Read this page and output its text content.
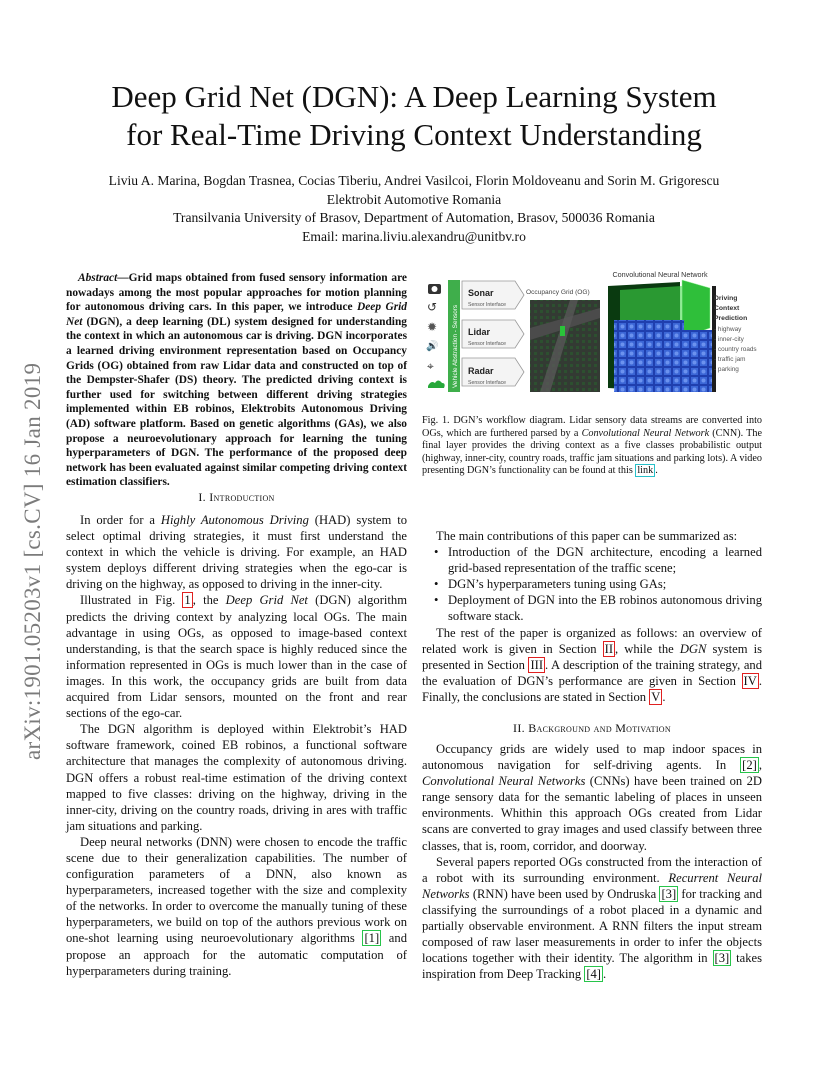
Deep Grid Net (DGN): A Deep Learning System
for Real-Time Driving Context Understanding
Liviu A. Marina, Bogdan Trasnea, Cocias Tiberiu, Andrei Vasilcoi, Florin Moldoveanu and Sorin M. Grigorescu
Elektrobit Automotive Romania
Transilvania University of Brasov, Department of Automation, Brasov, 500036 Romania
Email: marina.liviu.alexandru@unitbv.ro
arXiv:1901.05203v1 [cs.CV] 16 Jan 2019
Abstract—Grid maps obtained from fused sensory information are nowadays among the most popular approaches for motion planning for autonomous driving cars. In this paper, we introduce Deep Grid Net (DGN), a deep learning (DL) system designed for understanding the context in which an autonomous car is driving. DGN incorporates a learned driving environment representation based on Occupancy Grids (OG) obtained from raw Lidar data and constructed on top of the Dempster-Shafer (DS) theory. The predicted driving context is further used for switching between different driving strategies implemented within EB robinos, Elektrobits Autonomous Driving (AD) software platform. Based on genetic algorithms (GAs), we also propose a neuroevolutionary approach for learning the tuning hyperparameters of DGN. The performance of the proposed deep network has been evaluated against similar competing driving context estimation classifiers.
I. Introduction

In order for a Highly Autonomous Driving (HAD) system to select optimal driving strategies, it must first understand the context in which the vehicle is driving. For example, an HAD system deploys different driving strategies when the ego-car is driving on the highway, as opposed to driving in the inner-city.

Illustrated in Fig. 1 , the Deep Grid Net (DGN) algorithm predicts the driving context by analyzing local OGs. The main advantage in using OGs, as opposed to image-based context understanding, is that the search space is highly reduced since the information represented in OGs is much lower than in the case of images. In this work, the occupancy grids are built from data acquired from Lidar sensors, mounted on the front and rear sections of the ego-car.

The DGN algorithm is deployed within Elektrobit’s HAD software framework, coined EB robinos, a functional software architecture that manages the complexity of autonomous driving. DGN offers a robust real-time estimation of the driving context mapped to five classes: driving on the highway, driving in the inner-city, driving on the country roads, driving in ares with traffic jam situations and parking.

Deep neural networks (DNN) were chosen to encode the traffic scene due to their generalization capabilities. The number of configuration parameters of a DNN, also known as hyperparameters, increased together with the size and complexity of the networks. In order to overcome the manually tuning of these hyperparameters, we build on top of the authors previous work on one-shot learning using neuroevolutionary algorithms [1] and propose an approach for the automatic computation of hyperparameters during training.

Convolutional Neural Network
↺
✹
🔊
⌖	Vehicle Abstraction - Sensors
Sonar
Sensor Interface
Lidar
Sensor Interface
Radar
Sensor Interface
Occupancy Grid (OG)
Driving
Context
Prediction
- highway
- inner-city
- country roads
- traffic jam
- parking
Fig. 1. DGN’s workflow diagram. Lidar sensory data streams are converted into OGs, which are furthered parsed by a Convolutional Neural Network (CNN). The final layer provides the driving context as a five classes probabilistic output (highway, inner-city, country roads, traffic jam situations and parking lots). A video presenting DGN’s functionality can be found at this link .

The main contributions of this paper can be summarized as:

• Introduction of the DGN architecture, encoding a learned grid-based representation of the traffic scene;
• DGN’s hyperparameters tuning using GAs;
• Deployment of DGN into the EB robinos autonomous driving software stack.

The rest of the paper is organized as follows: an overview of related work is given in Section II , while the DGN system is presented in Section III . A description of the training strategy, and the evaluation of DGN’s performance are given in Section IV . Finally, the conclusions are stated in Section V .

II. Background and Motivation

Occupancy grids are widely used to map indoor spaces in autonomous navigation for self-driving agents. In [2] , Convolutional Neural Networks (CNNs) have been trained on 2D range sensory data for the semantic labeling of places in unseen environments. Whithin this approach OGs created from Lidar scans are converted to gray images and used classify between three classes, that is, room, corridor, and doorway.

Several papers reported OGs constructed from the interaction of a robot with its surrounding environment. Recurrent Neural Networks (RNN) have been used by Ondruska [3] for tracking and classifying the surroundings of a robot placed in a dynamic and partially observable environment. A RNN filters the input stream composed of raw laser measurements in order to infer the objects locations together with their identity. The algorithm in [3] takes inspiration from Deep Tracking [4] .
